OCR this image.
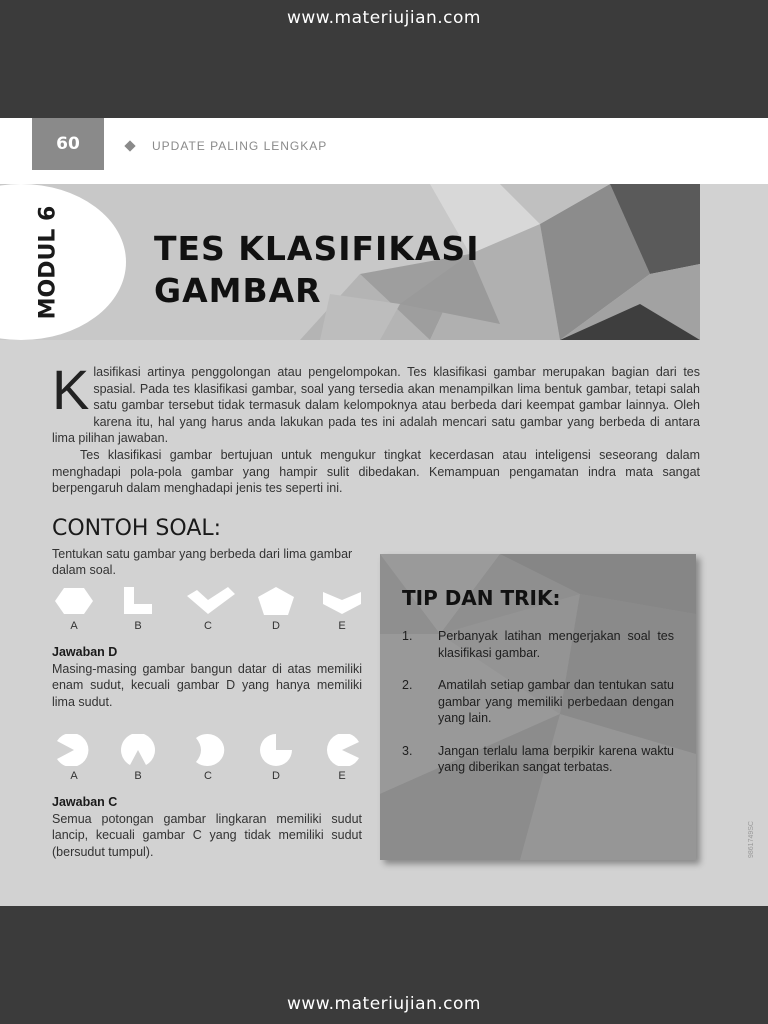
www.materiujian.com
60	UPDATE PALING LENGKAP
MODUL 6	TES KLASIFIKASI
GAMBAR
K lasifikasi artinya penggolongan atau pengelompokan. Tes klasifikasi gambar merupakan bagian dari tes spasial. Pada tes klasifikasi gambar, soal yang tersedia akan menampilkan lima bentuk gambar, tetapi salah satu gambar tersebut tidak termasuk dalam kelompoknya atau berbeda dari keempat gambar lainnya. Oleh karena itu, hal yang harus anda lakukan pada tes ini adalah mencari satu gambar yang berbeda di antara lima pilihan jawaban.

Tes klasifikasi gambar bertujuan untuk mengukur tingkat kecerdasan atau inteligensi seseorang dalam menghadapi pola-pola gambar yang hampir sulit dibedakan. Kemampuan pengamatan indra mata sangat berpengaruh dalam menghadapi jenis tes seperti ini.

CONTOH SOAL:
Tentukan satu gambar yang berbeda dari lima gambar dalam soal.
A	B	C	D	E
Jawaban D
Masing-masing gambar bangun datar di atas memiliki enam sudut, kecuali gambar D yang hanya memiliki lima sudut.
A	B	C	D	E
Jawaban C
Semua potongan gambar lingkaran memiliki sudut lancip, kecuali gambar C yang tidak memiliki sudut (bersudut tumpul).
TIP DAN TRIK:
1. Perbanyak latihan mengerjakan soal tes klasifikasi gambar.
2. Amatilah setiap gambar dan tentukan satu gambar yang memiliki perbedaan dengan yang lain.
3. Jangan terlalu lama berpikir karena waktu yang diberikan sangat terbatas.
9861749SC
www.materiujian.com
